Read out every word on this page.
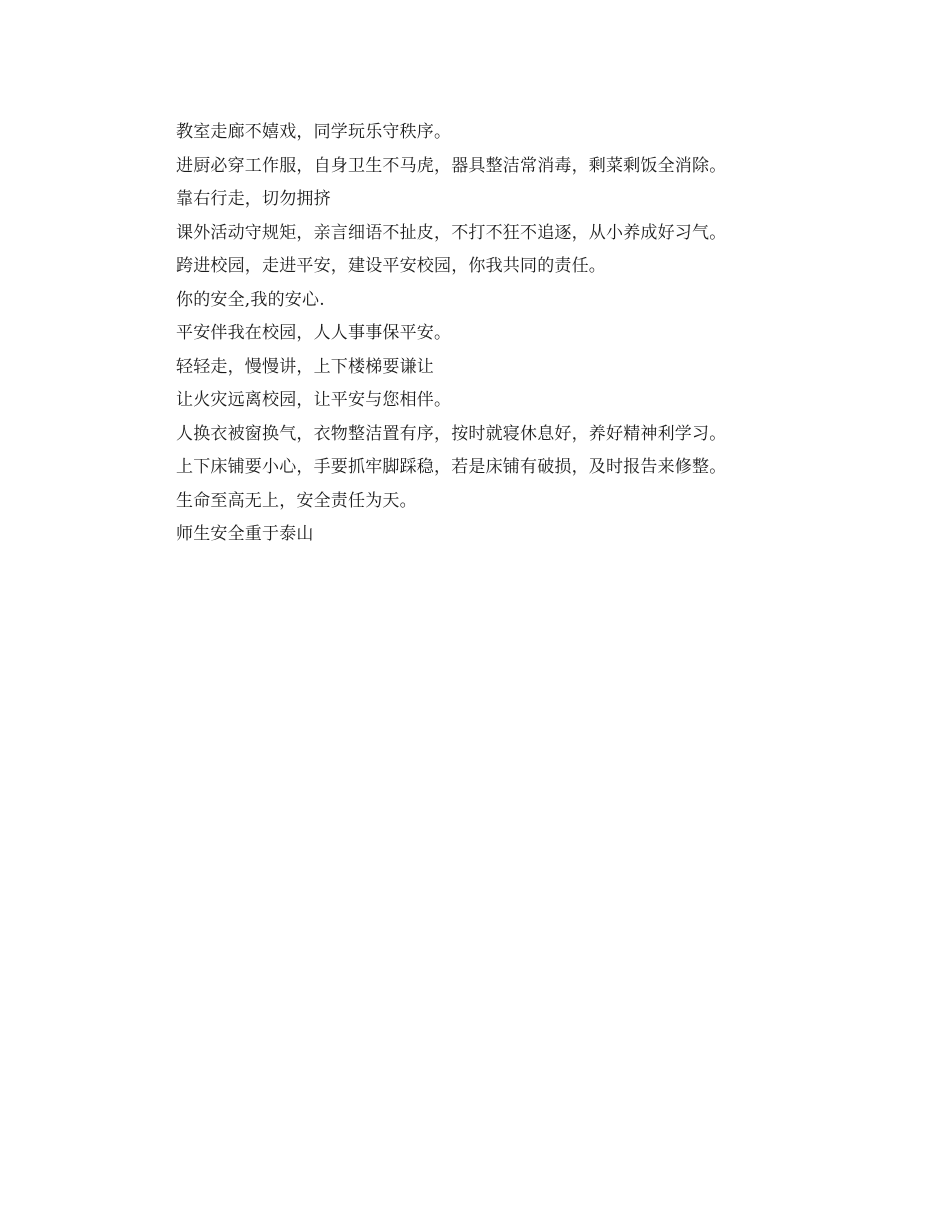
教室走廊不嬉戏，同学玩乐守秩序。
进厨必穿工作服，自身卫生不马虎，器具整洁常消毒，剩菜剩饭全消除。
靠右行走，切勿拥挤
课外活动守规矩，亲言细语不扯皮，不打不狂不追逐，从小养成好习气。
跨进校园，走进平安，建设平安校园，你我共同的责任。
你的安全,我的安心.
平安伴我在校园，人人事事保平安。
轻轻走，慢慢讲，上下楼梯要谦让
让火灾远离校园，让平安与您相伴。
人换衣被窗换气，衣物整洁置有序，按时就寝休息好，养好精神利学习。
上下床铺要小心，手要抓牢脚踩稳，若是床铺有破损，及时报告来修整。
生命至高无上，安全责任为天。
师生安全重于泰山
